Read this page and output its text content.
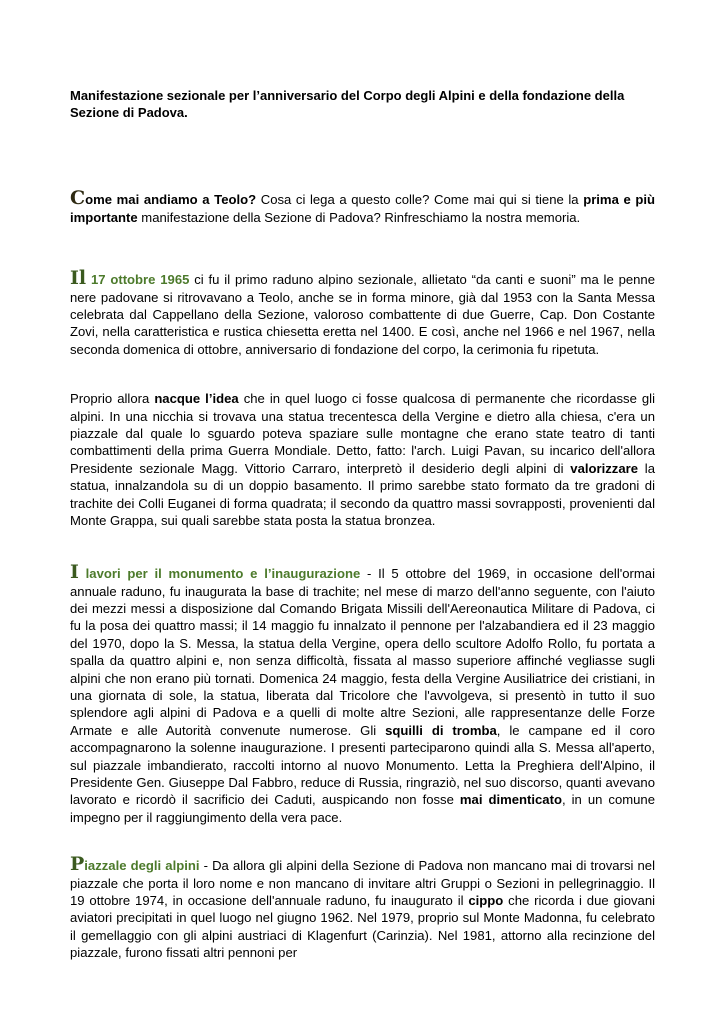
Manifestazione sezionale per l’anniversario del Corpo degli Alpini e della fondazione della Sezione di Padova.

Come mai andiamo a Teolo? Cosa ci lega a questo colle? Come mai qui si tiene la prima e più importante manifestazione della Sezione di Padova? Rinfreschiamo la nostra memoria.

Il 17 ottobre 1965 ci fu il primo raduno alpino sezionale, allietato “da canti e suoni” ma le penne nere padovane si ritrovavano a Teolo, anche se in forma minore, già dal 1953 con la Santa Messa celebrata dal Cappellano della Sezione, valoroso combattente di due Guerre, Cap. Don Costante Zovi, nella caratteristica e rustica chiesetta eretta nel 1400. E così, anche nel 1966 e nel 1967, nella seconda domenica di ottobre, anniversario di fondazione del corpo, la cerimonia fu ripetuta.

Proprio allora nacque l’idea che in quel luogo ci fosse qualcosa di permanente che ricordasse gli alpini. In una nicchia si trovava una statua trecentesca della Vergine e dietro alla chiesa, c'era un piazzale dal quale lo sguardo poteva spaziare sulle montagne che erano state teatro di tanti combattimenti della prima Guerra Mondiale. Detto, fatto: l'arch. Luigi Pavan, su incarico dell'allora Presidente sezionale Magg. Vittorio Carraro, interpretò il desiderio degli alpini di valorizzare la statua, innalzandola su di un doppio basamento. Il primo sarebbe stato formato da tre gradoni di trachite dei Colli Euganei di forma quadrata; il secondo da quattro massi sovrapposti, provenienti dal Monte Grappa, sui quali sarebbe stata posta la statua bronzea.

I lavori per il monumento e l’inaugurazione - Il 5 ottobre del 1969, in occasione dell'ormai annuale raduno, fu inaugurata la base di trachite; nel mese di marzo dell'anno seguente, con l'aiuto dei mezzi messi a disposizione dal Comando Brigata Missili dell'Aereonautica Militare di Padova, ci fu la posa dei quattro massi; il 14 maggio fu innalzato il pennone per l'alzabandiera ed il 23 maggio del 1970, dopo la S. Messa, la statua della Vergine, opera dello scultore Adolfo Rollo, fu portata a spalla da quattro alpini e, non senza difficoltà, fissata al masso superiore affinché vegliasse sugli alpini che non erano più tornati. Domenica 24 maggio, festa della Vergine Ausiliatrice dei cristiani, in una giornata di sole, la statua, liberata dal Tricolore che l'avvolgeva, si presentò in tutto il suo splendore agli alpini di Padova e a quelli di molte altre Sezioni, alle rappresentanze delle Forze Armate e alle Autorità convenute numerose. Gli squilli di tromba, le campane ed il coro accompagnarono la solenne inaugurazione. I presenti parteciparono quindi alla S. Messa all'aperto, sul piazzale imbandierato, raccolti intorno al nuovo Monumento. Letta la Preghiera dell'Alpino, il Presidente Gen. Giuseppe Dal Fabbro, reduce di Russia, ringraziò, nel suo discorso, quanti avevano lavorato e ricordò il sacrificio dei Caduti, auspicando non fosse mai dimenticato, in un comune impegno per il raggiungimento della vera pace.

Piazzale degli alpini - Da allora gli alpini della Sezione di Padova non mancano mai di trovarsi nel piazzale che porta il loro nome e non mancano di invitare altri Gruppi o Sezioni in pellegrinaggio. Il 19 ottobre 1974, in occasione dell'annuale raduno, fu inaugurato il cippo che ricorda i due giovani aviatori precipitati in quel luogo nel giugno 1962. Nel 1979, proprio sul Monte Madonna, fu celebrato il gemellaggio con gli alpini austriaci di Klagenfurt (Carinzia). Nel 1981, attorno alla recinzione del piazzale, furono fissati altri pennoni per
